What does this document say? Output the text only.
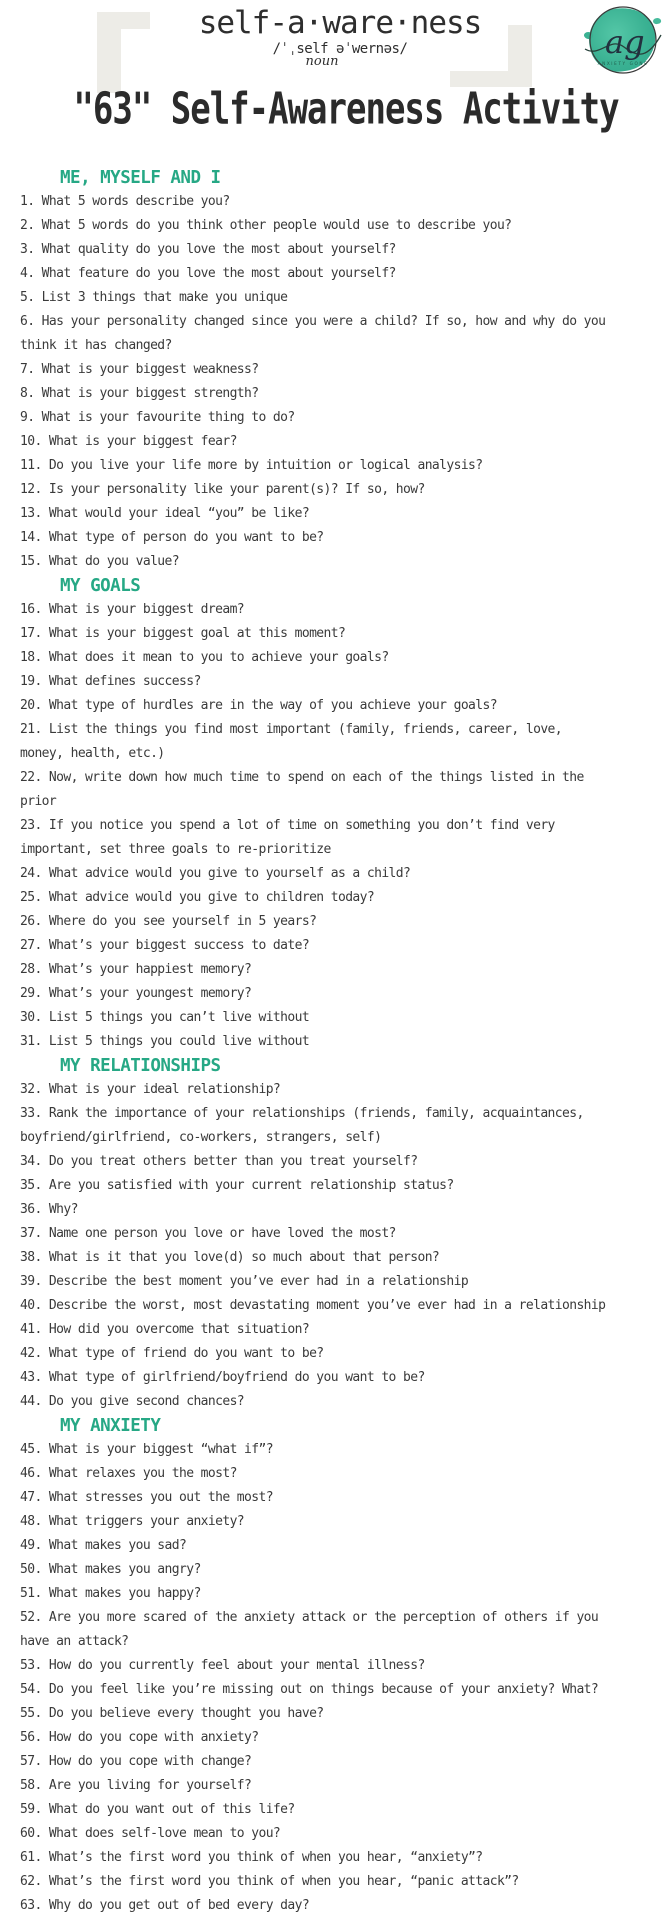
self-a·ware·ness
/ˈˌself əˈwernəs/
noun
ag
ANXIETY GONE
"63" Self-Awareness Activity
ME, MYSELF AND I

1. What 5 words describe you?

2. What 5 words do you think other people would use to describe you?

3. What quality do you love the most about yourself?

4. What feature do you love the most about yourself?

5. List 3 things that make you unique

6. Has your personality changed since you were a child? If so, how and why do you think it has changed?

7. What is your biggest weakness?

8. What is your biggest strength?

9. What is your favourite thing to do?

10. What is your biggest fear?

11. Do you live your life more by intuition or logical analysis?

12. Is your personality like your parent(s)? If so, how?

13. What would your ideal “you” be like?

14. What type of person do you want to be?

15. What do you value?

MY GOALS

16. What is your biggest dream?

17. What is your biggest goal at this moment?

18. What does it mean to you to achieve your goals?

19. What defines success?

20. What type of hurdles are in the way of you achieve your goals?

21. List the things you find most important (family, friends, career, love, money, health, etc.)

22. Now, write down how much time to spend on each of the things listed in the prior

23. If you notice you spend a lot of time on something you don’t find very important, set three goals to re-prioritize

24. What advice would you give to yourself as a child?

25. What advice would you give to children today?

26. Where do you see yourself in 5 years?

27. What’s your biggest success to date?

28. What’s your happiest memory?

29. What’s your youngest memory?

30. List 5 things you can’t live without

31. List 5 things you could live without

MY RELATIONSHIPS

32. What is your ideal relationship?

33. Rank the importance of your relationships (friends, family, acquaintances, boyfriend/girlfriend, co-workers, strangers, self)

34. Do you treat others better than you treat yourself?

35. Are you satisfied with your current relationship status?

36. Why?

37. Name one person you love or have loved the most?

38. What is it that you love(d) so much about that person?

39. Describe the best moment you’ve ever had in a relationship

40. Describe the worst, most devastating moment you’ve ever had in a relationship

41. How did you overcome that situation?

42. What type of friend do you want to be?

43. What type of girlfriend/boyfriend do you want to be?

44. Do you give second chances?

MY ANXIETY

45. What is your biggest “what if”?

46. What relaxes you the most?

47. What stresses you out the most?

48. What triggers your anxiety?

49. What makes you sad?

50. What makes you angry?

51. What makes you happy?

52. Are you more scared of the anxiety attack or the perception of others if you have an attack?

53. How do you currently feel about your mental illness?

54. Do you feel like you’re missing out on things because of your anxiety? What?

55. Do you believe every thought you have?

56. How do you cope with anxiety?

57. How do you cope with change?

58. Are you living for yourself?

59. What do you want out of this life?

60. What does self-love mean to you?

61. What’s the first word you think of when you hear, “anxiety”?

62. What’s the first word you think of when you hear, “panic attack”?

63. Why do you get out of bed every day?
